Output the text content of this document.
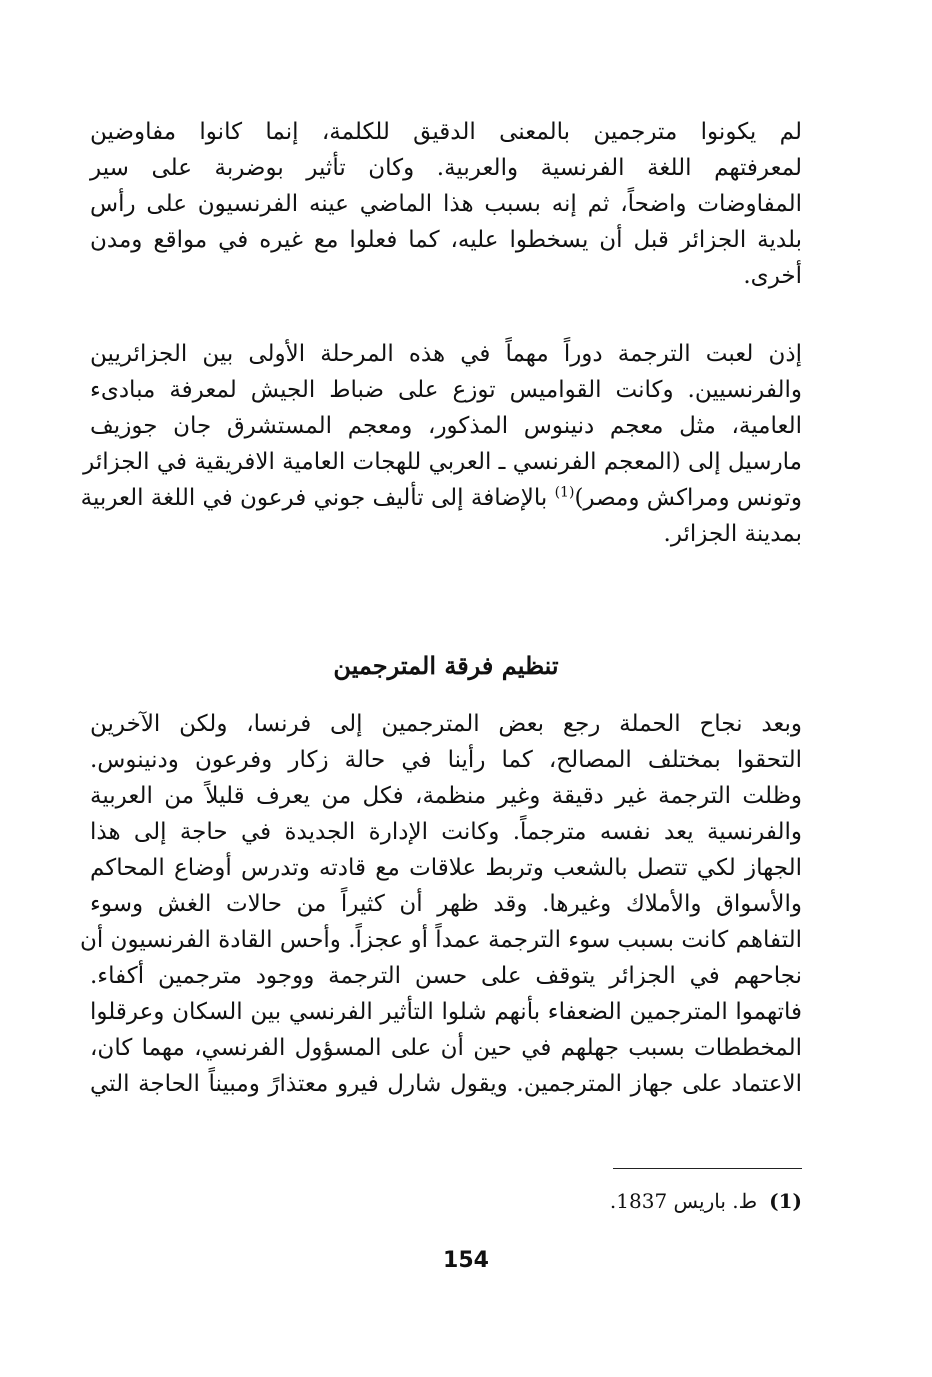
لم يكونوا مترجمين بالمعنى الدقيق للكلمة، إنما كانوا مفاوضين
لمعرفتهم اللغة الفرنسية والعربية. وكان تأثير بوضربة على سير
المفاوضات واضحاً، ثم إنه بسبب هذا الماضي عينه الفرنسيون على رأس
بلدية الجزائر قبل أن يسخطوا عليه، كما فعلوا مع غيره في مواقع ومدن
أخرى.
إذن لعبت الترجمة دوراً مهماً في هذه المرحلة الأولى بين الجزائريين
والفرنسيين. وكانت القواميس توزع على ضباط الجيش لمعرفة مبادىء
العامية، مثل معجم دنينوس المذكور، ومعجم المستشرق جان جوزيف
مارسيل إلى (المعجم الفرنسي ـ العربي للهجات العامية الافريقية في الجزائر
وتونس ومراكش ومصر)$^{(1)}$ بالإضافة إلى تأليف جوني فرعون في اللغة العربية
بمدينة الجزائر.
تنظيم فرقة المترجمين
وبعد نجاح الحملة رجع بعض المترجمين إلى فرنسا، ولكن الآخرين
التحقوا بمختلف المصالح، كما رأينا في حالة زكار وفرعون ودنينوس.
وظلت الترجمة غير دقيقة وغير منظمة، فكل من يعرف قليلاً من العربية
والفرنسية يعد نفسه مترجماً. وكانت الإدارة الجديدة في حاجة إلى هذا
الجهاز لكي تتصل بالشعب وتربط علاقات مع قادته وتدرس أوضاع المحاكم
والأسواق والأملاك وغيرها. وقد ظهر أن كثيراً من حالات الغش وسوء
التفاهم كانت بسبب سوء الترجمة عمداً أو عجزاً. وأحس القادة الفرنسيون أن
نجاحهم في الجزائر يتوقف على حسن الترجمة ووجود مترجمين أكفاء.
فاتهموا المترجمين الضعفاء بأنهم شلوا التأثير الفرنسي بين السكان وعرقلوا
المخططات بسبب جهلهم في حين أن على المسؤول الفرنسي، مهما كان،
الاعتماد على جهاز المترجمين. ويقول شارل فيرو معتذارً ومبيناً الحاجة التي
(1)ط. باريس 1837.
154
